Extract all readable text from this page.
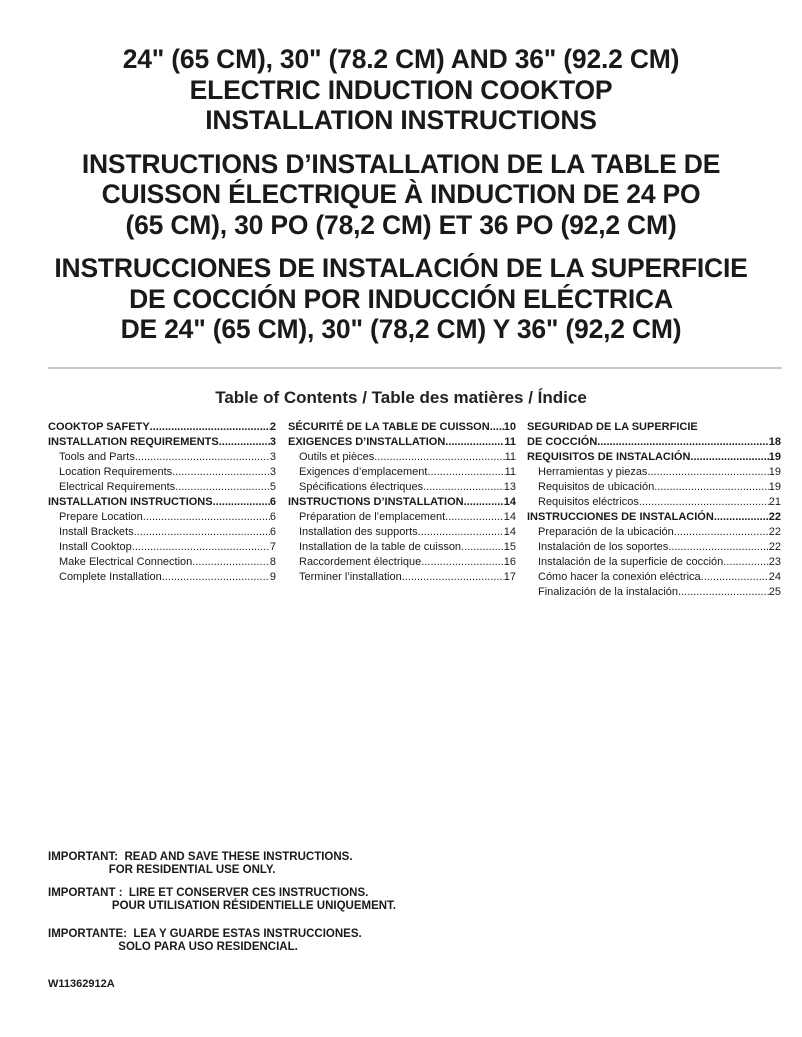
24" (65 CM), 30" (78.2 CM) AND 36" (92.2 CM)
ELECTRIC INDUCTION COOKTOP
INSTALLATION INSTRUCTIONS
INSTRUCTIONS D’INSTALLATION DE LA TABLE DE
CUISSON ÉLECTRIQUE À INDUCTION DE 24 PO
(65 CM), 30 PO (78,2 CM) ET 36 PO (92,2 CM)
INSTRUCCIONES DE INSTALACIÓN DE LA SUPERFICIE
DE COCCIÓN POR INDUCCIÓN ELÉCTRICA
DE 24" (65 CM), 30" (78,2 CM) Y 36" (92,2 CM)
Table of Contents / Table des matières / Índice
COOKTOP SAFETY .....	2
INSTALLATION REQUIREMENTS .....	3
Tools and Parts .....	3
Location Requirements .....	3
Electrical Requirements .....	5
INSTALLATION INSTRUCTIONS .....	6
Prepare Location .....	6
Install Brackets .....	6
Install Cooktop .....	7
Make Electrical Connection .....	8
Complete Installation .....	9
SÉCURITÉ DE LA TABLE DE CUISSON ..... 10
EXIGENCES D’INSTALLATION .....	11
Outils et pièces .....	11
Exigences d’emplacement .....	11
Spécifications électriques .....	13
INSTRUCTIONS D’INSTALLATION .....	14
Préparation de l’emplacement .....	14
Installation des supports .....	14
Installation de la table de cuisson .....	15
Raccordement électrique .....	16
Terminer l’installation .....	17
SEGURIDAD DE LA SUPERFICIE
DE COCCIÓN .....	18
REQUISITOS DE INSTALACIÓN .....	19
Herramientas y piezas .....	19
Requisitos de ubicación .....	19
Requisitos eléctricos .....	21
INSTRUCCIONES DE INSTALACIÓN .....	22
Preparación de la ubicación .....	22
Instalación de los soportes .....	22
Instalación de la superficie de cocción .....	23
Cómo hacer la conexión eléctrica .....	24
Finalización de la instalación .....	25
IMPORTANT:  READ AND SAVE THESE INSTRUCTIONS.
FOR RESIDENTIAL USE ONLY.
IMPORTANT :  LIRE ET CONSERVER CES INSTRUCTIONS.
POUR UTILISATION RÉSIDENTIELLE UNIQUEMENT.
IMPORTANTE:  LEA Y GUARDE ESTAS INSTRUCCIONES.
SOLO PARA USO RESIDENCIAL.
W11362912A
